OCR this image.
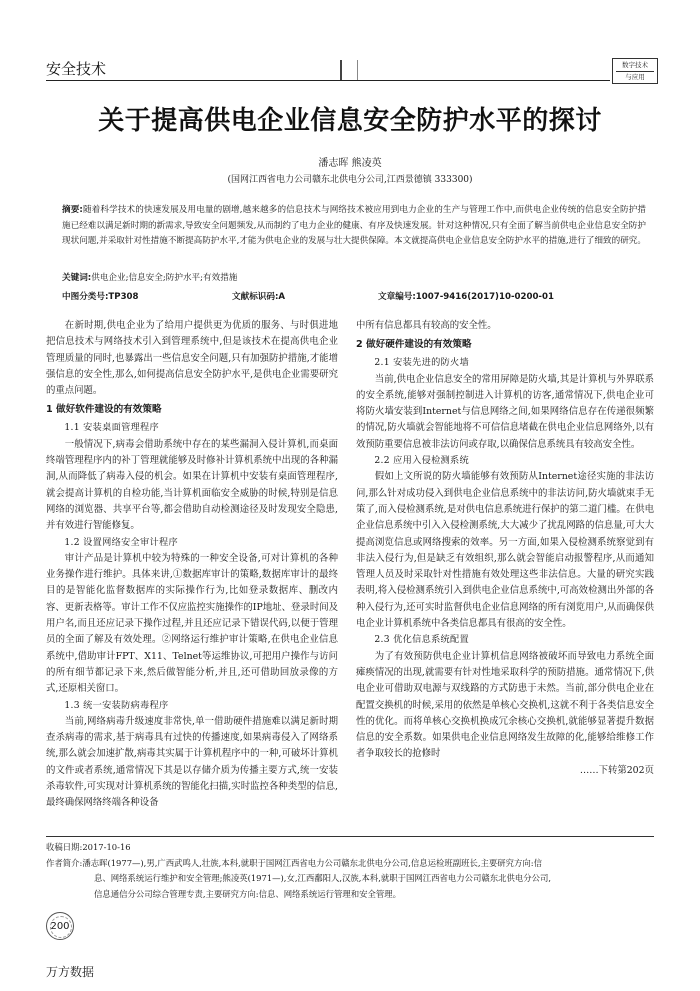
安全技术	数字技术
与应用
关于提高供电企业信息安全防护水平的探讨
潘志晖 熊凌英
(国网江西省电力公司赣东北供电分公司,江西景德镇 333300)
摘要:随着科学技术的快速发展及用电量的剧增,越来越多的信息技术与网络技术被应用到电力企业的生产与管理工作中,而供电企业传统的信息安全防护措施已经难以满足新时期的新需求,导致安全问题频发,从而制约了电力企业的健康、有序及快速发展。针对这种情况,只有全面了解当前供电企业信息安全防护现状问题,并采取针对性措施不断提高防护水平,才能为供电企业的发展与壮大提供保障。本文就提高供电企业信息安全防护水平的措施,进行了细致的研究。
关键词:供电企业;信息安全;防护水平;有效措施
中图分类号:TP308	文献标识码:A	文章编号:1007-9416(2017)10-0200-01

在新时期,供电企业为了给用户提供更为优质的服务、与时俱进地把信息技术与网络技术引入到管理系统中,但是该技术在提高供电企业管理质量的同时,也暴露出一些信息安全问题,只有加强防护措施,才能增强信息的安全性,那么,如何提高信息安全防护水平,是供电企业需要研究的重点问题。

1 做好软件建设的有效策略
1.1 安装桌面管理程序

一般情况下,病毒会借助系统中存在的某些漏洞入侵计算机,而桌面终端管理程序内的补丁管理就能够及时修补计算机系统中出现的各种漏洞,从而降低了病毒入侵的机会。如果在计算机中安装有桌面管理程序,就会提高计算机的自检功能,当计算机面临安全威胁的时候,特别是信息网络的浏览器、共享平台等,都会借助自动检测途径及时发现安全隐患,并有效进行智能修复。

1.2 设置网络安全审计程序

审计产品是计算机中较为特殊的一种安全设备,可对计算机的各种业务操作进行维护。具体来讲,①数据库审计的策略,数据库审计的最终目的是智能化监督数据库的实际操作行为,比如登录数据库、删改内容、更新表格等。审计工作不仅应监控实施操作的IP地址、登录时间及用户名,而且还应记录下操作过程,并且还应记录下错误代码,以便于管理员的全面了解及有效处理。②网络运行维护审计策略,在供电企业信息系统中,借助审计FPT、X11、Telnet等运维协议,可把用户操作与访问的所有细节都记录下来,然后做智能分析,并且,还可借助回放录像的方式,还原相关窗口。

1.3 统一安装防病毒程序

当前,网络病毒升级速度非常快,单一借助硬件措施难以满足新时期查杀病毒的需求,基于病毒具有过快的传播速度,如果病毒侵入了网络系统,那么就会加速扩散,病毒其实属于计算机程序中的一种,可破坏计算机的文件或者系统,通常情况下其是以存储介质为传播主要方式,统一安装杀毒软件,可实现对计算机系统的智能化扫描,实时监控各种类型的信息,最终确保网络终端各种设备

中所有信息都具有较高的安全性。

2 做好硬件建设的有效策略
2.1 安装先进的防火墙

当前,供电企业信息安全的常用屏障是防火墙,其是计算机与外界联系的安全系统,能够对强制控制进入计算机的访客,通常情况下,供电企业可将防火墙安装到Internet与信息网络之间,如果网络信息存在传递很频繁的情况,防火墙就会智能地将不可信信息堵截在供电企业信息网络外,以有效预防重要信息被非法访问或存取,以确保信息系统具有较高安全性。

2.2 应用入侵检测系统

假如上文所说的防火墙能够有效预防从Internet途径实施的非法访问,那么针对成功侵入到供电企业信息系统中的非法访问,防火墙就束手无策了,而入侵检测系统,是对供电信息系统进行保护的第二道门槛。在供电企业信息系统中引入入侵检测系统,大大减少了扰乱网路的信息量,可大大提高浏览信息或网络搜索的效率。另一方面,如果入侵检测系统察觉到有非法入侵行为,但是缺乏有效组织,那么就会智能启动报警程序,从而通知管理人员及时采取针对性措施有效处理这些非法信息。大量的研究实践表明,将入侵检测系统引入到供电企业信息系统中,可高效检测出外部的各种入侵行为,还可实时监督供电企业信息网络的所有浏览用户,从而确保供电企业计算机系统中各类信息都具有很高的安全性。

2.3 优化信息系统配置

为了有效预防供电企业计算机信息网络被破坏而导致电力系统全面瘫痪情况的出现,就需要有针对性地采取科学的预防措施。通常情况下,供电企业可借助双电源与双线路的方式防患于未然。当前,部分供电企业在配置交换机的时候,采用的依然是单核心交换机,这就不利于各类信息安全性的优化。而将单核心交换机换成冗余核心交换机,就能够显著提升数据信息的安全系数。如果供电企业信息网络发生故障的化,能够给维修工作者争取较长的抢修时

……下转第202页
收稿日期:2017-10-16
作者简介:潘志晖(1977—),男,广西武鸣人,壮族,本科,就职于国网江西省电力公司赣东北供电分公司,信息运检班副班长,主要研究方向:信
息、网络系统运行维护和安全管理;熊凌英(1971—),女,江西鄱阳人,汉族,本科,就职于国网江西省电力公司赣东北供电分公司,
信息通信分公司综合管理专责,主要研究方向:信息、网络系统运行管理和安全管理。
200
万方数据
